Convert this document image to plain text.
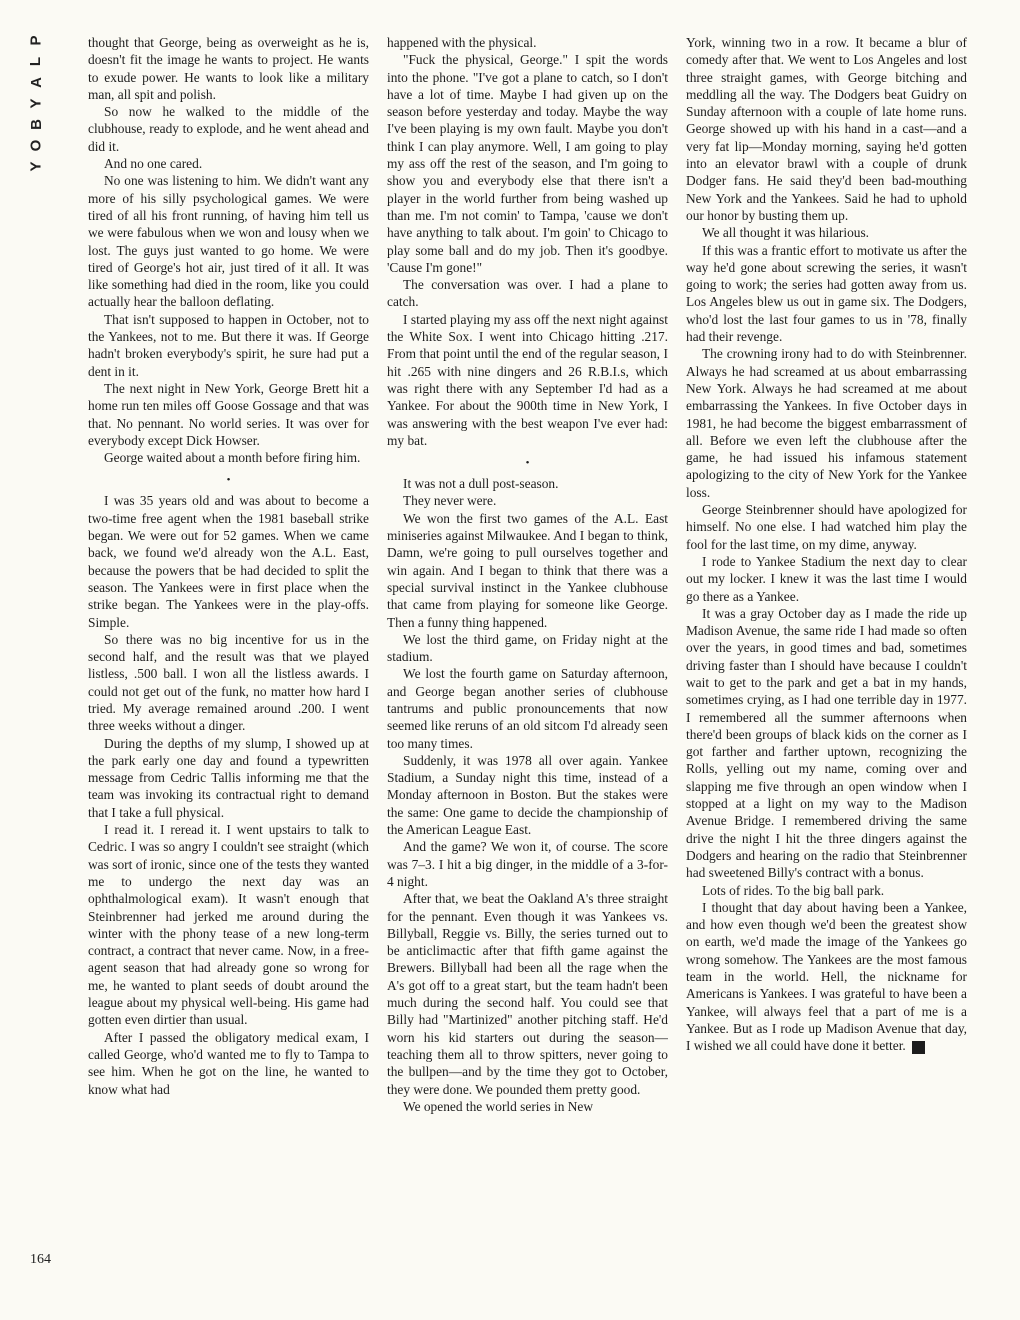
P
L
A
Y
B
O
Y
164

thought that George, being as overweight as he is, doesn't fit the image he wants to project. He wants to exude power. He wants to look like a military man, all spit and polish.

So now he walked to the middle of the clubhouse, ready to explode, and he went ahead and did it.

And no one cared.

No one was listening to him. We didn't want any more of his silly psychological games. We were tired of all his front running, of having him tell us we were fabulous when we won and lousy when we lost. The guys just wanted to go home. We were tired of George's hot air, just tired of it all. It was like something had died in the room, like you could actually hear the balloon deflating.

That isn't supposed to happen in October, not to the Yankees, not to me. But there it was. If George hadn't broken everybody's spirit, he sure had put a dent in it.

The next night in New York, George Brett hit a home run ten miles off Goose Gossage and that was that. No pennant. No world series. It was over for everybody except Dick Howser.

George waited about a month before firing him.

•

I was 35 years old and was about to become a two-time free agent when the 1981 baseball strike began. We were out for 52 games. When we came back, we found we'd already won the A.L. East, because the powers that be had decided to split the season. The Yankees were in first place when the strike began. The Yankees were in the play-offs. Simple.

So there was no big incentive for us in the second half, and the result was that we played listless, .500 ball. I won all the listless awards. I could not get out of the funk, no matter how hard I tried. My average remained around .200. I went three weeks without a dinger.

During the depths of my slump, I showed up at the park early one day and found a typewritten message from Cedric Tallis informing me that the team was invoking its contractual right to demand that I take a full physical.

I read it. I reread it. I went upstairs to talk to Cedric. I was so angry I couldn't see straight (which was sort of ironic, since one of the tests they wanted me to undergo the next day was an ophthalmological exam). It wasn't enough that Steinbrenner had jerked me around during the winter with the phony tease of a new long-term contract, a contract that never came. Now, in a free-agent season that had already gone so wrong for me, he wanted to plant seeds of doubt around the league about my physical well-being. His game had gotten even dirtier than usual.

After I passed the obligatory medical exam, I called George, who'd wanted me to fly to Tampa to see him. When he got on the line, he wanted to know what had

happened with the physical.

"Fuck the physical, George." I spit the words into the phone. "I've got a plane to catch, so I don't have a lot of time. Maybe I had given up on the season before yesterday and today. Maybe the way I've been playing is my own fault. Maybe you don't think I can play anymore. Well, I am going to play my ass off the rest of the season, and I'm going to show you and everybody else that there isn't a player in the world further from being washed up than me. I'm not comin' to Tampa, 'cause we don't have anything to talk about. I'm goin' to Chicago to play some ball and do my job. Then it's goodbye. 'Cause I'm gone!"

The conversation was over. I had a plane to catch.

I started playing my ass off the next night against the White Sox. I went into Chicago hitting .217. From that point until the end of the regular season, I hit .265 with nine dingers and 26 R.B.I.s, which was right there with any September I'd had as a Yankee. For about the 900th time in New York, I was answering with the best weapon I've ever had: my bat.

•

It was not a dull post-season.

They never were.

We won the first two games of the A.L. East miniseries against Milwaukee. And I began to think, Damn, we're going to pull ourselves together and win again. And I began to think that there was a special survival instinct in the Yankee clubhouse that came from playing for someone like George. Then a funny thing happened.

We lost the third game, on Friday night at the stadium.

We lost the fourth game on Saturday afternoon, and George began another series of clubhouse tantrums and public pronouncements that now seemed like reruns of an old sitcom I'd already seen too many times.

Suddenly, it was 1978 all over again. Yankee Stadium, a Sunday night this time, instead of a Monday afternoon in Boston. But the stakes were the same: One game to decide the championship of the American League East.

And the game? We won it, of course. The score was 7–3. I hit a big dinger, in the middle of a 3-for-4 night.

After that, we beat the Oakland A's three straight for the pennant. Even though it was Yankees vs. Billyball, Reggie vs. Billy, the series turned out to be anticlimactic after that fifth game against the Brewers. Billyball had been all the rage when the A's got off to a great start, but the team hadn't been much during the second half. You could see that Billy had "Martinized" another pitching staff. He'd worn his kid starters out during the season—teaching them all to throw spitters, never going to the bullpen—and by the time they got to October, they were done. We pounded them pretty good.

We opened the world series in New

York, winning two in a row. It became a blur of comedy after that. We went to Los Angeles and lost three straight games, with George bitching and meddling all the way. The Dodgers beat Guidry on Sunday afternoon with a couple of late home runs. George showed up with his hand in a cast—and a very fat lip—Monday morning, saying he'd gotten into an elevator brawl with a couple of drunk Dodger fans. He said they'd been bad-mouthing New York and the Yankees. Said he had to uphold our honor by busting them up.

We all thought it was hilarious.

If this was a frantic effort to motivate us after the way he'd gone about screwing the series, it wasn't going to work; the series had gotten away from us. Los Angeles blew us out in game six. The Dodgers, who'd lost the last four games to us in '78, finally had their revenge.

The crowning irony had to do with Steinbrenner. Always he had screamed at us about embarrassing New York. Always he had screamed at me about embarrassing the Yankees. In five October days in 1981, he had become the biggest embarrassment of all. Before we even left the clubhouse after the game, he had issued his infamous statement apologizing to the city of New York for the Yankee loss.

George Steinbrenner should have apologized for himself. No one else. I had watched him play the fool for the last time, on my dime, anyway.

I rode to Yankee Stadium the next day to clear out my locker. I knew it was the last time I would go there as a Yankee.

It was a gray October day as I made the ride up Madison Avenue, the same ride I had made so often over the years, in good times and bad, sometimes driving faster than I should have because I couldn't wait to get to the park and get a bat in my hands, sometimes crying, as I had one terrible day in 1977. I remembered all the summer afternoons when there'd been groups of black kids on the corner as I got farther and farther uptown, recognizing the Rolls, yelling out my name, coming over and slapping me five through an open window when I stopped at a light on my way to the Madison Avenue Bridge. I remembered driving the same drive the night I hit the three dingers against the Dodgers and hearing on the radio that Steinbrenner had sweetened Billy's contract with a bonus.

Lots of rides. To the big ball park.

I thought that day about having been a Yankee, and how even though we'd been the greatest show on earth, we'd made the image of the Yankees go wrong somehow. The Yankees are the most famous team in the world. Hell, the nickname for Americans is Yankees. I was grateful to have been a Yankee, will always feel that a part of me is a Yankee. But as I rode up Madison Avenue that day, I wished we all could have done it better. ✧
